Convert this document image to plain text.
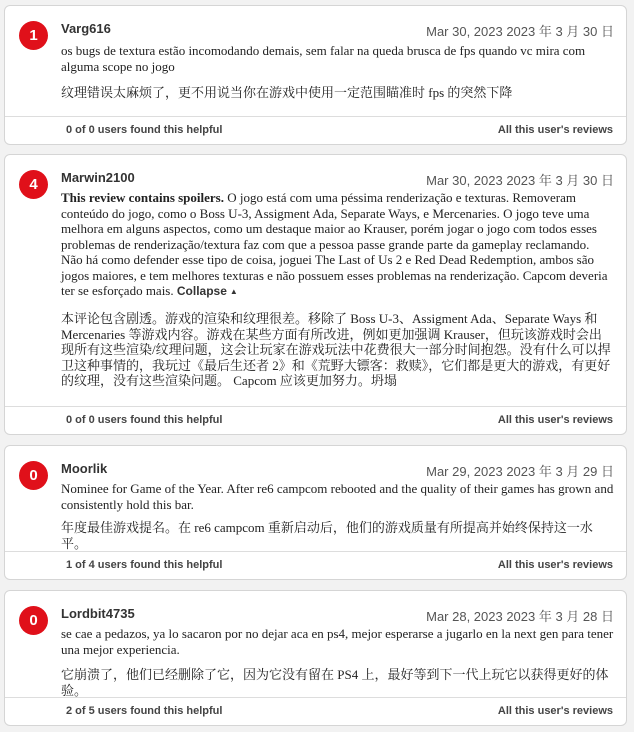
1	Varg616	Mar 30, 2023 2023 年 3 月 30 日
os bugs de textura estão incomodando demais, sem falar na queda brusca de fps quando vc mira com alguma scope no jogo
纹理错误太麻烦了，更不用说当你在游戏中使用一定范围瞄准时 fps 的突然下降
0 of 0 users found this helpful	All this user's reviews
4	Marwin2100	Mar 30, 2023 2023 年 3 月 30 日
This review contains spoilers. O jogo está com uma péssima renderização e texturas. Removeram conteúdo do jogo, como o Boss U-3, Assigment Ada, Separate Ways, e Mercenaries. O jogo teve uma melhora em alguns aspectos, como um destaque maior ao Krauser, porém jogar o jogo com todos esses problemas de renderização/textura faz com que a pessoa passe grande parte da gameplay reclamando. Não há como defender esse tipo de coisa, joguei The Last of Us 2 e Red Dead Redemption, ambos são jogos maiores, e tem melhores texturas e não possuem esses problemas na renderização. Capcom deveria ter se esforçado mais. Collapse ▲
本评论包含剧透。游戏的渲染和纹理很差。移除了 Boss U-3、Assigment Ada、Separate Ways 和 Mercenaries 等游戏内容。游戏在某些方面有所改进，例如更加强调 Krauser，但玩该游戏时会出现所有这些渲染/纹理问题，这会让玩家在游戏玩法中花费很大一部分时间抱怨。没有什么可以捍卫这种事情的，我玩过《最后生还者 2》和《荒野大镖客：救赎》，它们都是更大的游戏，有更好的纹理，没有这些渲染问题。 Capcom 应该更加努力。坍塌
0 of 0 users found this helpful	All this user's reviews
0	Moorlik	Mar 29, 2023 2023 年 3 月 29 日
Nominee for Game of the Year. After re6 campcom rebooted and the quality of their games has grown and consistently hold this bar.
年度最佳游戏提名。在 re6 campcom 重新启动后，他们的游戏质量有所提高并始终保持这一水平。
1 of 4 users found this helpful	All this user's reviews
0	Lordbit4735	Mar 28, 2023 2023 年 3 月 28 日
se cae a pedazos, ya lo sacaron por no dejar aca en ps4, mejor esperarse a jugarlo en la next gen para tener una mejor experiencia.
它崩溃了，他们已经删除了它，因为它没有留在 PS4 上，最好等到下一代上玩它以获得更好的体验。
2 of 5 users found this helpful	All this user's reviews
